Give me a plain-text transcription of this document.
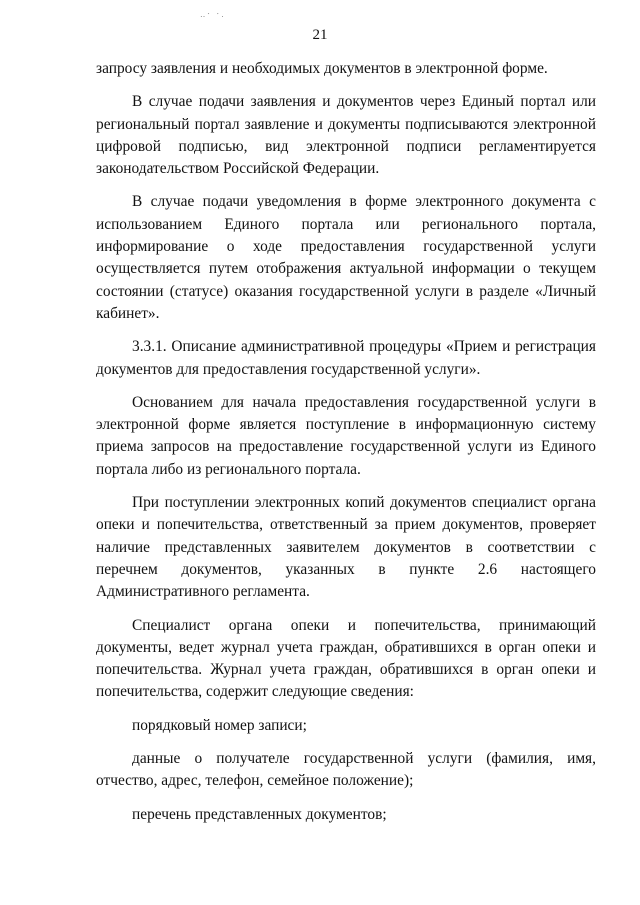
‥ˑ ˑ.
21

запросу заявления и необходимых документов в электронной форме.

В случае подачи заявления и документов через Единый портал или региональный портал заявление и документы подписываются электронной цифровой подписью, вид электронной подписи регламентируется законодательством Российской Федерации.

В случае подачи уведомления в форме электронного документа с использованием Единого портала или регионального портала, информирование о ходе предоставления государственной услуги осуществляется путем отображения актуальной информации о текущем состоянии (статусе) оказания государственной услуги в разделе «Личный кабинет».

3.3.1. Описание административной процедуры «Прием и регистрация документов для предоставления государственной услуги».

Основанием для начала предоставления государственной услуги в электронной форме является поступление в информационную систему приема запросов на предоставление государственной услуги из Единого портала либо из регионального портала.

При поступлении электронных копий документов специалист органа опеки и попечительства, ответственный за прием документов, проверяет наличие представленных заявителем документов в соответствии с перечнем документов, указанных в пункте 2.6 настоящего Административного регламента.

Специалист органа опеки и попечительства, принимающий документы, ведет журнал учета граждан, обратившихся в орган опеки и попечительства. Журнал учета граждан, обратившихся в орган опеки и попечительства, содержит следующие сведения:

порядковый номер записи;

данные о получателе государственной услуги (фамилия, имя, отчество, адрес, телефон, семейное положение);

перечень представленных документов;
